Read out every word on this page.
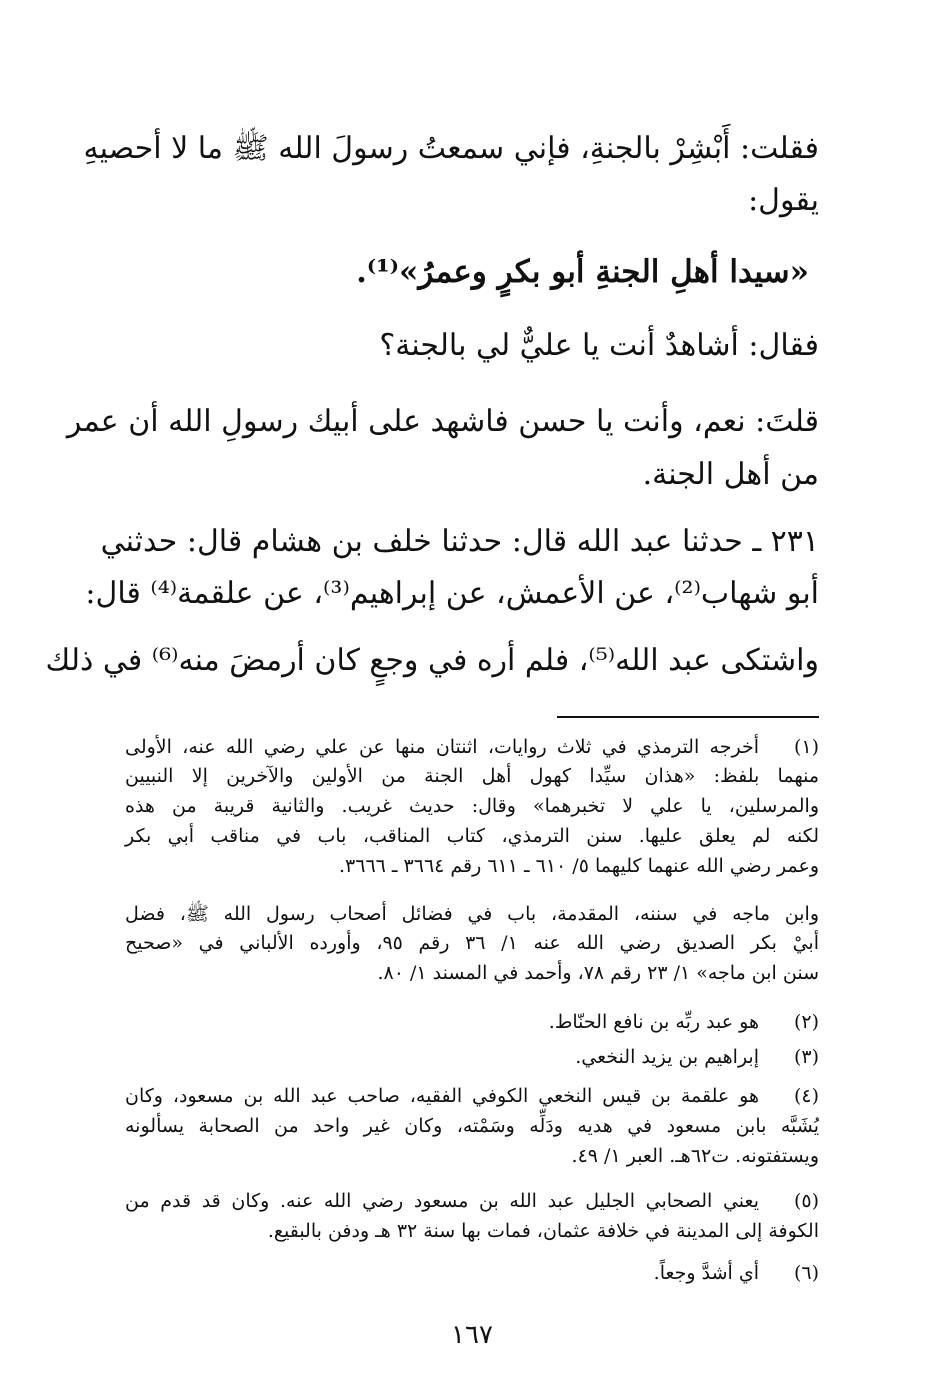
فقلت: أَبْشِرْ بالجنةِ، فإني سمعتُ رسولَ الله ﷺ ما لا أحصيهِ
يقول:
«سيدا أهلِ الجنةِ أبو بكرٍ وعمرُ»⁽¹⁾.
فقال: أشاهدٌ أنت يا عليٌّ لي بالجنة؟
قلتَ: نعم، وأنت يا حسن فاشهد على أبيك رسولِ الله أن عمر
من أهل الجنة.
٢٣١ ـ حدثنا عبد الله قال: حدثنا خلف بن هشام قال: حدثني
أبو شهاب⁽²⁾، عن الأعمش، عن إبراهيم⁽³⁾، عن علقمة⁽⁴⁾ قال:
واشتكى عبد الله⁽⁵⁾، فلم أره في وجعٍ كان أرمضَ منه⁽⁶⁾ في ذلك
(١)
أخرجه الترمذي في ثلاث روايات، اثنتان منها عن علي رضي الله عنه، الأولى
منهما بلفظ: «هذان سيِّدا كهول أهل الجنة من الأولين والآخرين إلا النبيين
والمرسلين، يا علي لا تخبرهما» وقال: حديث غريب. والثانية قريبة من هذه
لكنه لم يعلق عليها. سنن الترمذي، كتاب المناقب، باب في مناقب أبي بكر
وعمر رضي الله عنهما كليهما ٥/ ٦١٠ ـ ٦١١ رقم ٣٦٦٤ ـ ٣٦٦٦.
وابن ماجه في سننه، المقدمة، باب في فضائل أصحاب رسول الله ﷺ، فضل
أبيْ بكر الصديق رضي الله عنه ١/ ٣٦ رقم ٩٥، وأورده الألباني في «صحيح
سنن ابن ماجه» ١/ ٢٣ رقم ٧٨، وأحمد في المسند ١/ ٨٠.
(٢)
هو عبد ربِّه بن نافع الحنّاط.
(٣)
إبراهيم بن يزيد النخعي.
(٤)
هو علقمة بن قيس النخعي الكوفي الفقيه، صاحب عبد الله بن مسعود، وكان
يُشَبَّه بابن مسعود في هديه ودَلِّه وسَمْته، وكان غير واحد من الصحابة يسألونه
ويستفتونه. ت٦٢هـ. العبر ١/ ٤٩.
(٥)
يعني الصحابي الجليل عبد الله بن مسعود رضي الله عنه. وكان قد قدم من
الكوفة إلى المدينة في خلافة عثمان، فمات بها سنة ٣٢ هـ ودفن بالبقيع.
(٦)
أي أشدَّ وجعاً.
١٦٧
